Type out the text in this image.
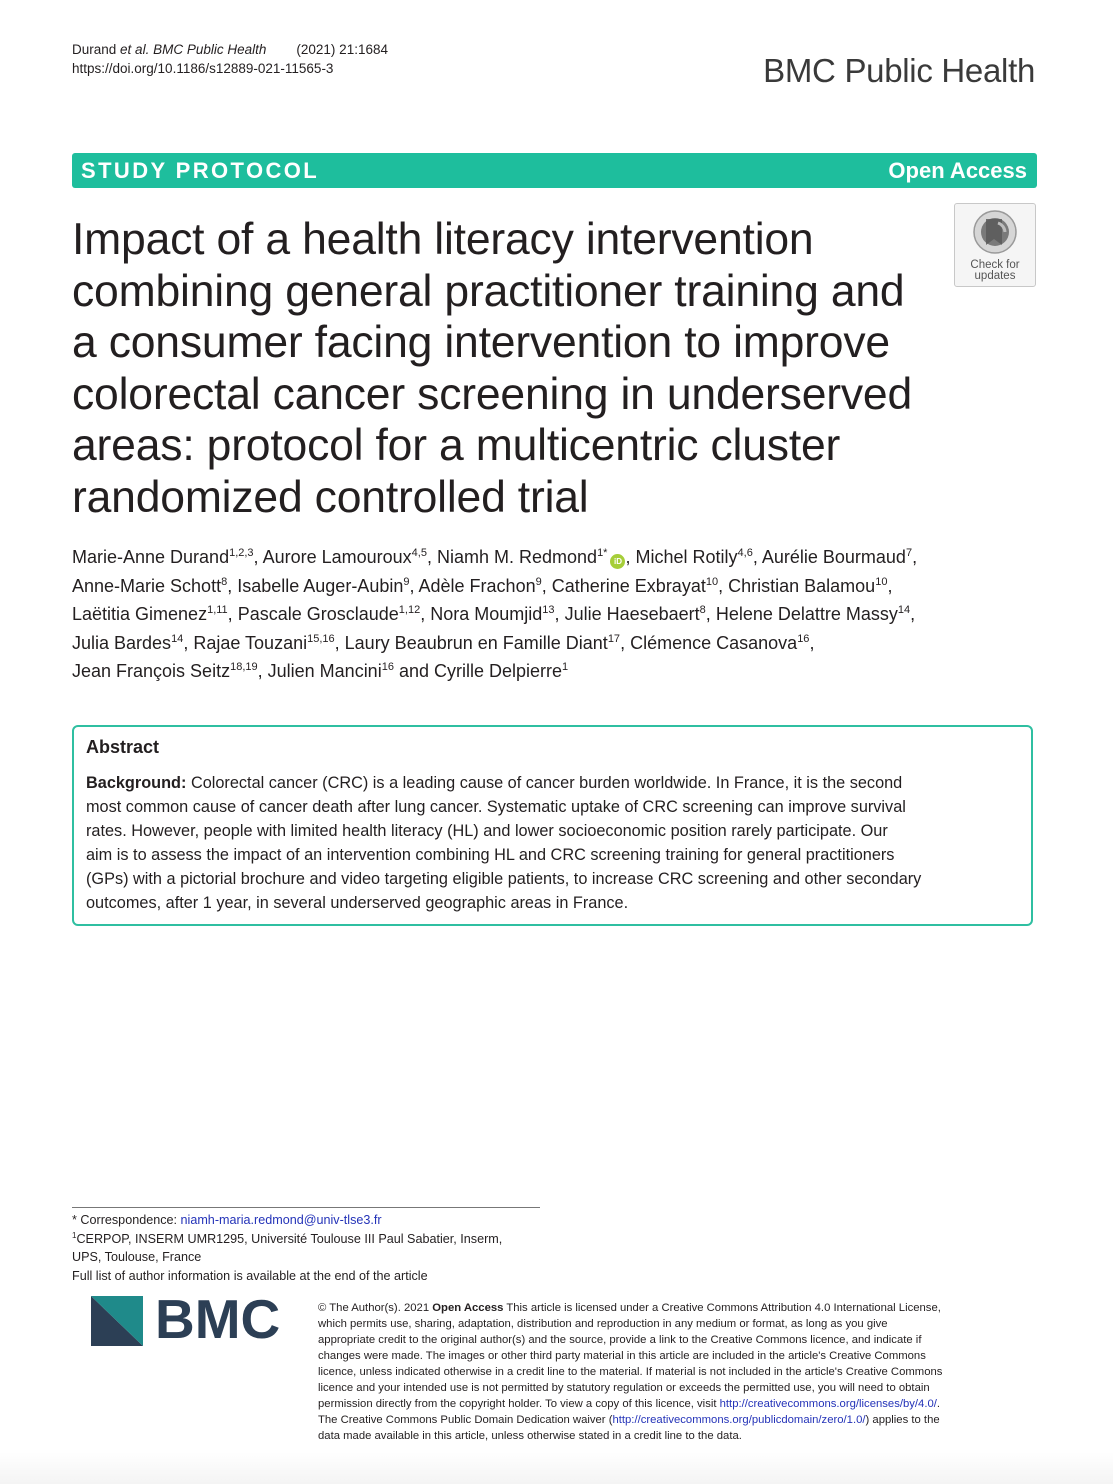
Durand et al. BMC Public Health (2021) 21:1684
https://doi.org/10.1186/s12889-021-11565-3	BMC Public Health
STUDY PROTOCOL	Open Access
Check for
updates
Impact of a health literacy intervention
combining general practitioner training and
a consumer facing intervention to improve
colorectal cancer screening in underserved
areas: protocol for a multicentric cluster
randomized controlled trial
Marie-Anne Durand$^{1,2,3}$, Aurore Lamouroux$^{4,5}$, Niamh M. Redmond$^{1*}$iD , Michel Rotily$^{4,6}$, Aurélie Bourmaud$^7$,
Anne-Marie Schott$^8$, Isabelle Auger-Aubin$^9$, Adèle Frachon$^9$, Catherine Exbrayat$^{10}$, Christian Balamou$^{10}$,
Laëtitia Gimenez$^{1,11}$, Pascale Grosclaude$^{1,12}$, Nora Moumjid$^{13}$, Julie Haesebaert$^8$, Helene Delattre Massy$^{14}$,
Julia Bardes$^{14}$, Rajae Touzani$^{15,16}$, Laury Beaubrun en Famille Diant$^{17}$, Clémence Casanova$^{16}$,
Jean François Seitz$^{18,19}$, Julien Mancini$^{16}$ and Cyrille Delpierre$^1$
Abstract
Background: Colorectal cancer (CRC) is a leading cause of cancer burden worldwide. In France, it is the second
most common cause of cancer death after lung cancer. Systematic uptake of CRC screening can improve survival
rates. However, people with limited health literacy (HL) and lower socioeconomic position rarely participate. Our
aim is to assess the impact of an intervention combining HL and CRC screening training for general practitioners
(GPs) with a pictorial brochure and video targeting eligible patients, to increase CRC screening and other secondary
outcomes, after 1 year, in several underserved geographic areas in France.
* Correspondence: niamh-maria.redmond@univ-tlse3.fr
$^1$CERPOP, INSERM UMR1295, Université Toulouse III Paul Sabatier, Inserm,
UPS, Toulouse, France
Full list of author information is available at the end of the article
BMC	© The Author(s). 2021 Open Access This article is licensed under a Creative Commons Attribution 4.0 International License,
which permits use, sharing, adaptation, distribution and reproduction in any medium or format, as long as you give
appropriate credit to the original author(s) and the source, provide a link to the Creative Commons licence, and indicate if
changes were made. The images or other third party material in this article are included in the article's Creative Commons
licence, unless indicated otherwise in a credit line to the material. If material is not included in the article's Creative Commons
licence and your intended use is not permitted by statutory regulation or exceeds the permitted use, you will need to obtain
permission directly from the copyright holder. To view a copy of this licence, visit http://creativecommons.org/licenses/by/4.0/.
The Creative Commons Public Domain Dedication waiver (http://creativecommons.org/publicdomain/zero/1.0/) applies to the
data made available in this article, unless otherwise stated in a credit line to the data.
